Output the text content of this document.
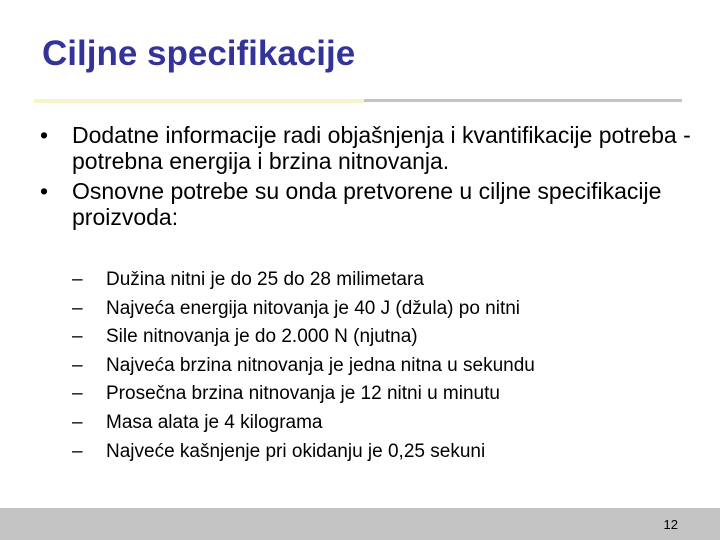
Ciljne specifikacije
•	Dodatne informacije radi objašnjenja i kvantifikacije potreba - potrebna energija i brzina nitnovanja.
•	Osnovne potrebe su onda pretvorene u ciljne specifikacije proizvoda:
– Dužina nitni je do 25 do 28 milimetara
– Najveća energija nitovanja je 40 J (džula) po nitni
– Sile nitnovanja je do 2.000 N (njutna)
– Najveća brzina nitnovanja je jedna nitna u sekundu
– Prosečna brzina nitnovanja je 12 nitni u minutu
– Masa alata je 4 kilograma
– Najveće kašnjenje pri okidanju je 0,25 sekuni
12
